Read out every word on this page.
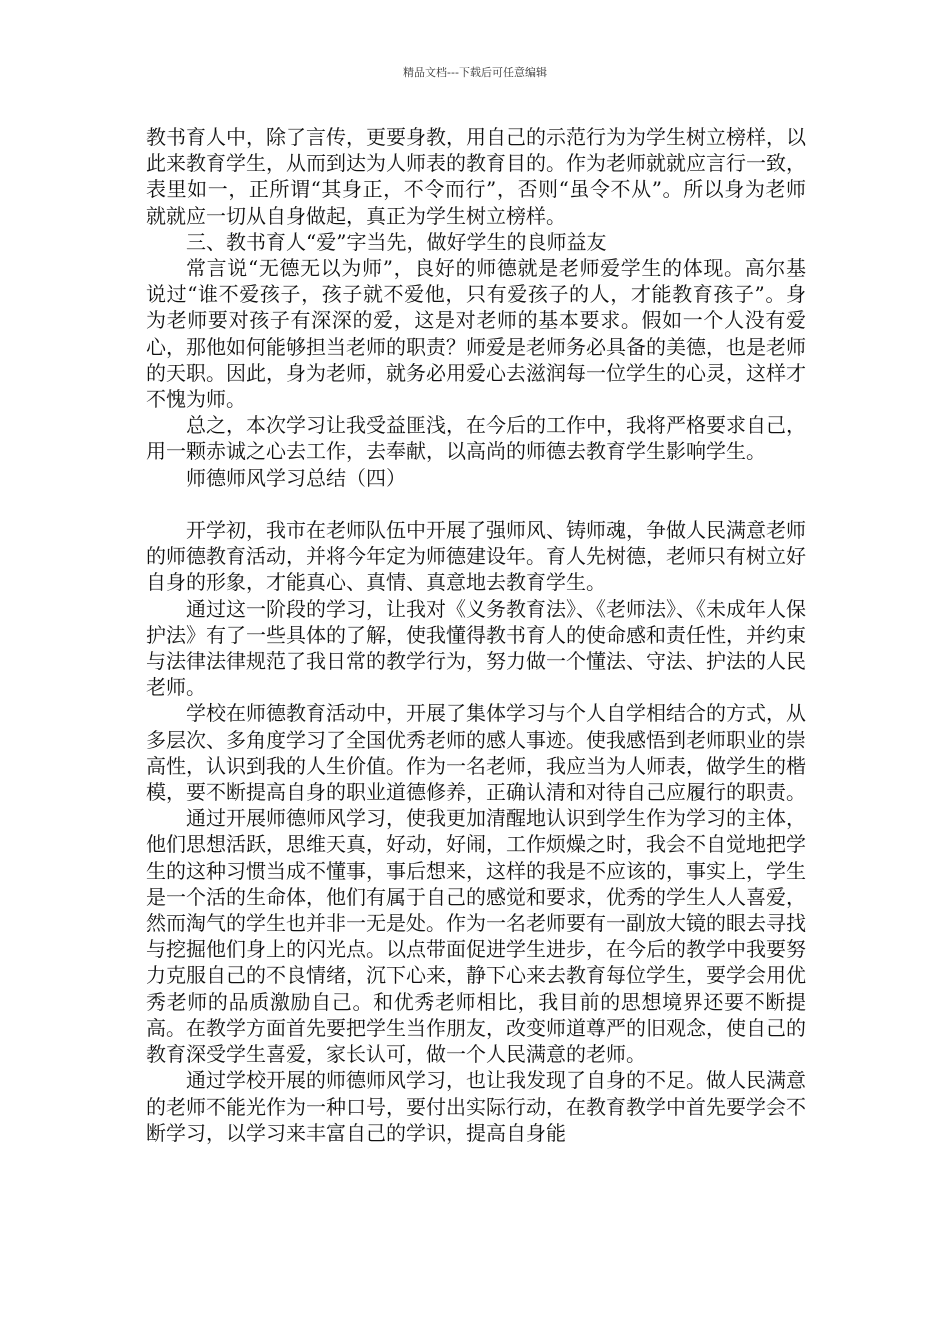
精品文档---下载后可任意编辑

教书育人中，除了言传，更要身教，用自己的示范行为为学生树立榜样，以此来教育学生，从而到达为人师表的教育目的。作为老师就就应言行一致，表里如一，正所谓“其身正，不令而行”，否则“虽令不从”。所以身为老师就就应一切从自身做起，真正为学生树立榜样。

三、教书育人“爱”字当先，做好学生的良师益友

常言说“无德无以为师”，良好的师德就是老师爱学生的体现。高尔基说过“谁不爱孩子，孩子就不爱他，只有爱孩子的人，才能教育孩子”。身为老师要对孩子有深深的爱，这是对老师的基本要求。假如一个人没有爱心，那他如何能够担当老师的职责？师爱是老师务必具备的美德，也是老师的天职。因此，身为老师，就务必用爱心去滋润每一位学生的心灵，这样才不愧为师。

总之，本次学习让我受益匪浅，在今后的工作中，我将严格要求自己，用一颗赤诚之心去工作，去奉献，以高尚的师德去教育学生影响学生。

师德师风学习总结（四）

开学初，我市在老师队伍中开展了强师风、铸师魂，争做人民满意老师的师德教育活动，并将今年定为师德建设年。育人先树德，老师只有树立好自身的形象，才能真心、真情、真意地去教育学生。

通过这一阶段的学习，让我对《义务教育法》、《老师法》、《未成年人保护法》有了一些具体的了解，使我懂得教书育人的使命感和责任性，并约束与法律法律规范了我日常的教学行为，努力做一个懂法、守法、护法的人民老师。

学校在师德教育活动中，开展了集体学习与个人自学相结合的方式，从多层次、多角度学习了全国优秀老师的感人事迹。使我感悟到老师职业的崇高性，认识到我的人生价值。作为一名老师，我应当为人师表，做学生的楷模，要不断提高自身的职业道德修养，正确认清和对待自己应履行的职责。

通过开展师德师风学习，使我更加清醒地认识到学生作为学习的主体，他们思想活跃，思维天真，好动，好闹，工作烦燥之时，我会不自觉地把学生的这种习惯当成不懂事，事后想来，这样的我是不应该的，事实上，学生是一个活的生命体，他们有属于自己的感觉和要求，优秀的学生人人喜爱，然而淘气的学生也并非一无是处。作为一名老师要有一副放大镜的眼去寻找与挖掘他们身上的闪光点。以点带面促进学生进步，在今后的教学中我要努力克服自己的不良情绪，沉下心来，静下心来去教育每位学生，要学会用优秀老师的品质激励自己。和优秀老师相比，我目前的思想境界还要不断提高。在教学方面首先要把学生当作朋友，改变师道尊严的旧观念，使自己的教育深受学生喜爱，家长认可，做一个人民满意的老师。

通过学校开展的师德师风学习，也让我发现了自身的不足。做人民满意的老师不能光作为一种口号，要付出实际行动，在教育教学中首先要学会不断学习，以学习来丰富自己的学识，提高自身能
